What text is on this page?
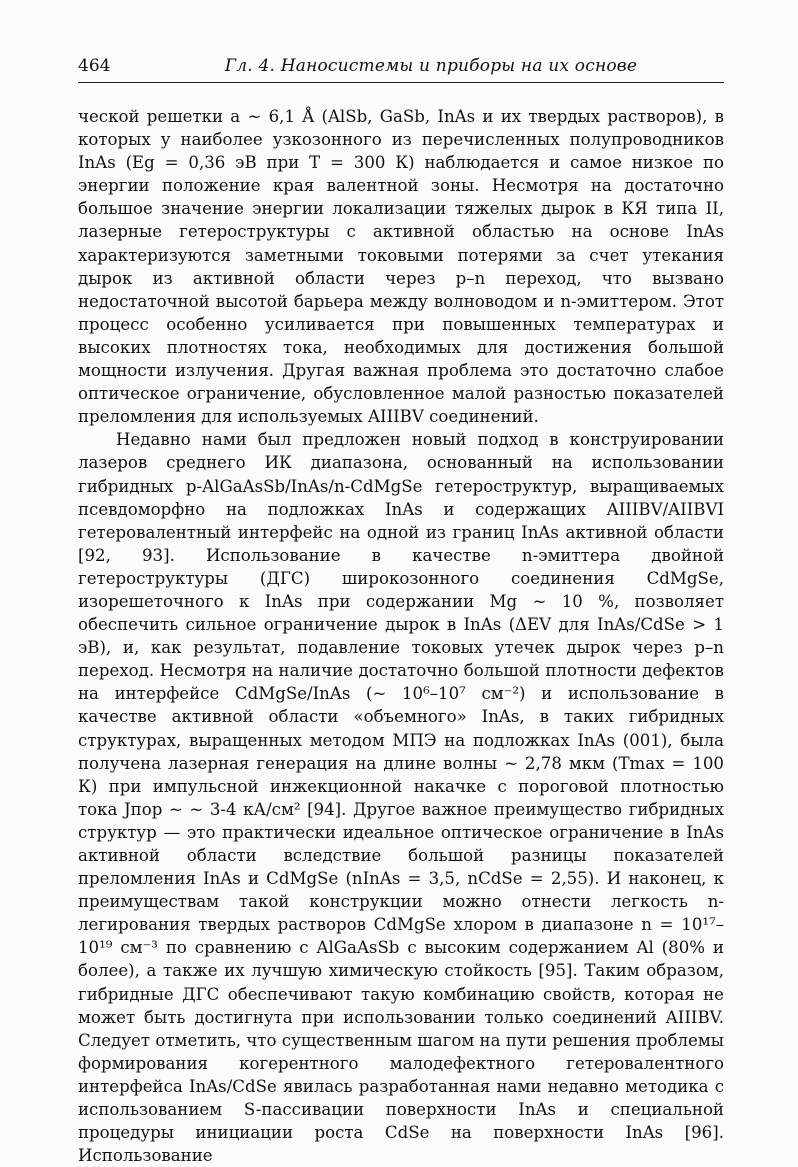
464	Гл. 4. Наносистемы и приборы на их основе

ческой решетки a ~ 6,1 Å (AlSb, GaSb, InAs и их твердых растворов), в которых у наиболее узкозонного из перечисленных полупроводников InAs (Eg = 0,36 эВ при T = 300 К) наблюдается и самое низкое по энергии положение края валентной зоны. Несмотря на достаточно большое значение энергии локализации тяжелых дырок в КЯ типа II, лазерные гетероструктуры с активной областью на основе InAs характеризуются заметными токовыми потерями за счет утекания дырок из активной области через p–n переход, что вызвано недостаточной высотой барьера между волноводом и n-эмиттером. Этот процесс особенно усиливается при повышенных температурах и высоких плотностях тока, необходимых для достижения большой мощности излучения. Другая важная проблема это достаточно слабое оптическое ограничение, обусловленное малой разностью показателей преломления для используемых AIIIBV соединений.

Недавно нами был предложен новый подход в конструировании лазеров среднего ИК диапазона, основанный на использовании гибридных p-AlGaAsSb/InAs/n-CdMgSe гетероструктур, выращиваемых псевдоморфно на подложках InAs и содержащих AIIIBV/AIIBVI гетеровалентный интерфейс на одной из границ InAs активной области [92, 93]. Использование в качестве n-эмиттера двойной гетероструктуры (ДГС) широкозонного соединения CdMgSe, изорешеточного к InAs при содержании Mg ~ 10 %, позволяет обеспечить сильное ограничение дырок в InAs (ΔEV для InAs/CdSe > 1 эВ), и, как результат, подавление токовых утечек дырок через p–n переход. Несмотря на наличие достаточно большой плотности дефектов на интерфейсе CdMgSe/InAs (~ 10⁶–10⁷ см⁻²) и использование в качестве активной области «объемного» InAs, в таких гибридных структурах, выращенных методом МПЭ на подложках InAs (001), была получена лазерная генерация на длине волны ~ 2,78 мкм (Tmax = 100 К) при импульсной инжекционной накачке с пороговой плотностью тока Jпор ~ ~ 3-4 кА/см² [94]. Другое важное преимущество гибридных структур — это практически идеальное оптическое ограничение в InAs активной области вследствие большой разницы показателей преломления InAs и CdMgSe (nInAs = 3,5, nCdSe = 2,55). И наконец, к преимуществам такой конструкции можно отнести легкость n-легирования твердых растворов CdMgSe хлором в диапазоне n = 10¹⁷–10¹⁹ см⁻³ по сравнению с AlGaAsSb с высоким содержанием Al (80% и более), а также их лучшую химическую стойкость [95]. Таким образом, гибридные ДГС обеспечивают такую комбинацию свойств, которая не может быть достигнута при использовании только соединений AIIIBV. Следует отметить, что существенным шагом на пути решения проблемы формирования когерентного малодефектного гетеровалентного интерфейса InAs/CdSe явилась разработанная нами недавно методика с использованием S-пассивации поверхности InAs и специальной процедуры инициации роста CdSe на поверхности InAs [96]. Использование
